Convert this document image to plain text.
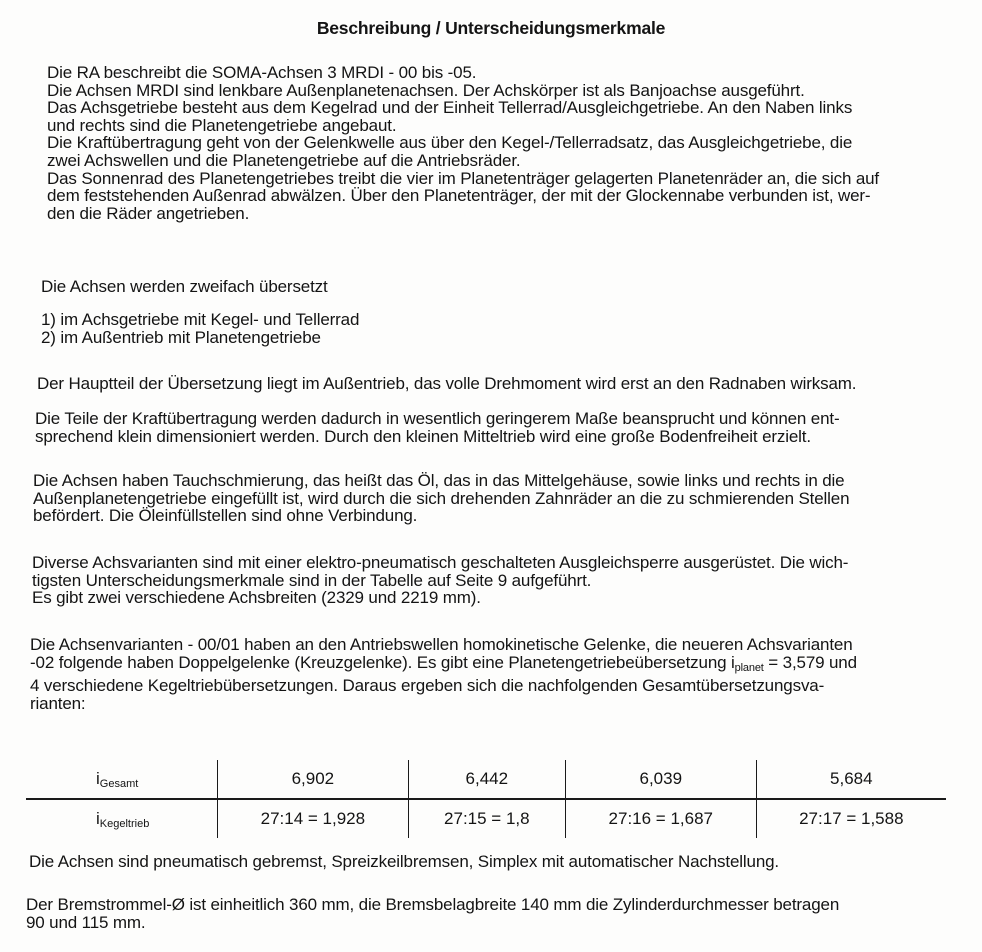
Beschreibung / Unterscheidungsmerkmale
Die RA beschreibt die SOMA-Achsen 3 MRDI - 00 bis -05.
Die Achsen MRDI sind lenkbare Außenplanetenachsen. Der Achskörper ist als Banjoachse ausgeführt.
Das Achsgetriebe besteht aus dem Kegelrad und der Einheit Tellerrad/Ausgleichgetriebe. An den Naben links
und rechts sind die Planetengetriebe angebaut.
Die Kraftübertragung geht von der Gelenkwelle aus über den Kegel-/Tellerradsatz, das Ausgleichgetriebe, die
zwei Achswellen und die Planetengetriebe auf die Antriebsräder.
Das Sonnenrad des Planetengetriebes treibt die vier im Planetenträger gelagerten Planetenräder an, die sich auf
dem feststehenden Außenrad abwälzen. Über den Planetenträger, der mit der Glockennabe verbunden ist, wer-
den die Räder angetrieben.
Die Achsen werden zweifach übersetzt
1) im Achsgetriebe mit Kegel- und Tellerrad
2) im Außentrieb mit Planetengetriebe
Der Hauptteil der Übersetzung liegt im Außentrieb, das volle Drehmoment wird erst an den Radnaben wirksam.
Die Teile der Kraftübertragung werden dadurch in wesentlich geringerem Maße beansprucht und können ent-
sprechend klein dimensioniert werden. Durch den kleinen Mitteltrieb wird eine große Bodenfreiheit erzielt.
Die Achsen haben Tauchschmierung, das heißt das Öl, das in das Mittelgehäuse, sowie links und rechts in die
Außenplanetengetriebe eingefüllt ist, wird durch die sich drehenden Zahnräder an die zu schmierenden Stellen
befördert. Die Öleinfüllstellen sind ohne Verbindung.
Diverse Achsvarianten sind mit einer elektro-pneumatisch geschalteten Ausgleichsperre ausgerüstet. Die wich-
tigsten Unterscheidungsmerkmale sind in der Tabelle auf Seite 9 aufgeführt.
Es gibt zwei verschiedene Achsbreiten (2329 und 2219 mm).
Die Achsenvarianten - 00/01 haben an den Antriebswellen homokinetische Gelenke, die neueren Achsvarianten
-02 folgende haben Doppelgelenke (Kreuzgelenke). Es gibt eine Planetengetriebeübersetzung $i_{planet} = 3,579$ und
4 verschiedene Kegeltriebübersetzungen. Daraus ergeben sich die nachfolgenden Gesamtübersetzungsva-
rianten:
$i_{Gesamt}$	6,902	6,442	6,039	5,684
$i_{Kegeltrieb}$	27:14 = 1,928	27:15 = 1,8	27:16 = 1,687	27:17 = 1,588
Die Achsen sind pneumatisch gebremst, Spreizkeilbremsen, Simplex mit automatischer Nachstellung.
Der Bremstrommel-Ø ist einheitlich 360 mm, die Bremsbelagbreite 140 mm die Zylinderdurchmesser betragen
90 und 115 mm.
